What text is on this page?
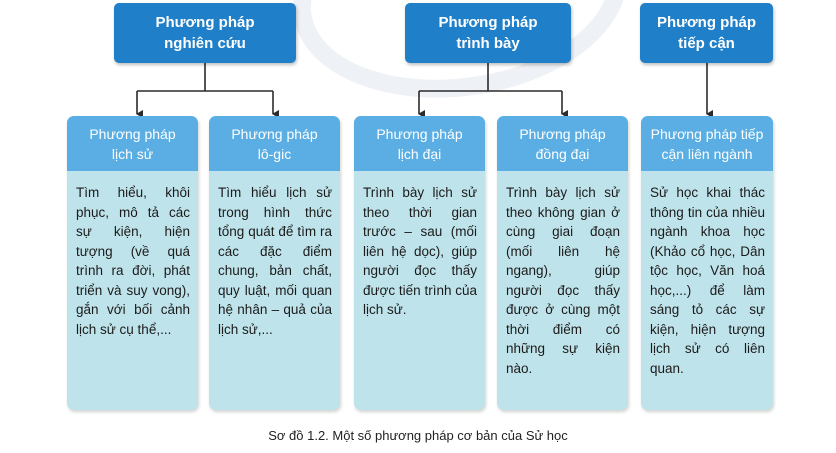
Phương pháp
nghiên cứu
Phương pháp
trình bày
Phương pháp
tiếp cận
Phương pháp
lịch sử
Tìm hiểu, khôi phục, mô tả các sự kiện, hiện tượng (về quá trình ra đời, phát triển và suy vong), gắn với bối cảnh lịch sử cụ thể,...
Phương pháp
lô-gic
Tìm hiểu lịch sử trong hình thức tổng quát để tìm ra các đặc điểm chung, bản chất, quy luật, mối quan hệ nhân – quả của lịch sử,...
Phương pháp
lịch đại
Trình bày lịch sử theo thời gian trước – sau (mối liên hệ dọc), giúp người đọc thấy được tiến trình của lịch sử.
Phương pháp
đồng đại
Trình bày lịch sử theo không gian ở cùng giai đoạn (mối liên hệ ngang), giúp người đọc thấy được ở cùng một thời điểm có những sự kiện nào.
Phương pháp tiếp
cận liên ngành
Sử học khai thác thông tin của nhiều ngành khoa học (Khảo cổ học, Dân tộc học, Văn hoá học,...) để làm sáng tỏ các sự kiện, hiện tượng lịch sử có liên quan.
Sơ đồ 1.2. Một số phương pháp cơ bản của Sử học
